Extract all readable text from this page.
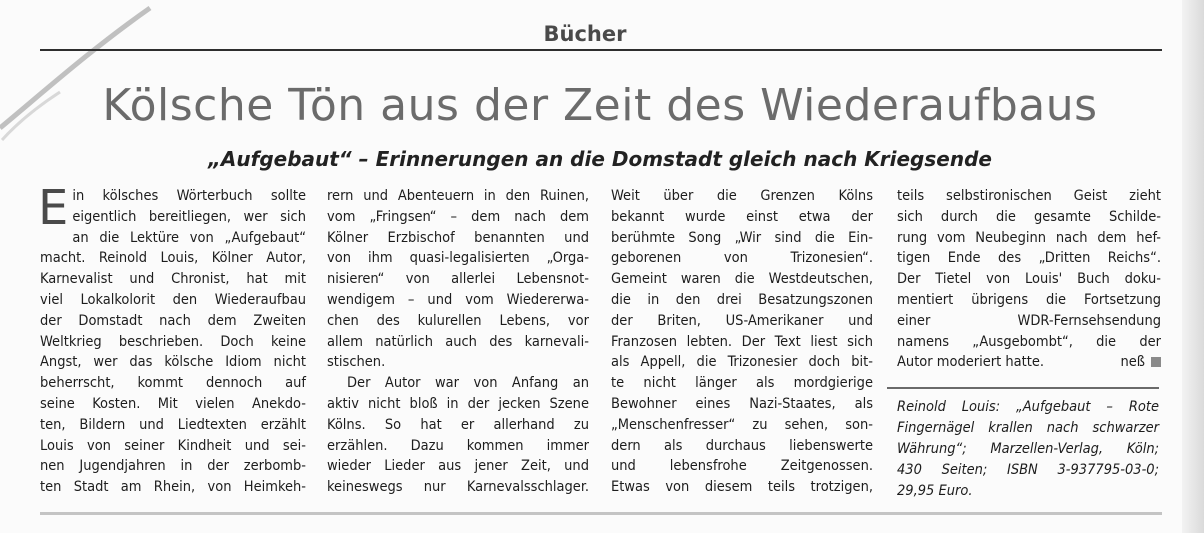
Bücher
Kölsche Tön aus der Zeit des Wiederaufbaus
„Aufgebaut“ – Erinnerungen an die Domstadt gleich nach Kriegsende
E in kölsches Wörterbuch sollte
eigentlich bereitliegen, wer sich
an die Lektüre von „Aufgebaut“
macht. Reinold Louis, Kölner Autor,
Karnevalist und Chronist, hat mit
viel Lokalkolorit den Wiederaufbau
der Domstadt nach dem Zweiten
Weltkrieg beschrieben. Doch keine
Angst, wer das kölsche Idiom nicht
beherrscht, kommt dennoch auf
seine Kosten. Mit vielen Anekdo-
ten, Bildern und Liedtexten erzählt
Louis von seiner Kindheit und sei-
nen Jugendjahren in der zerbomb-
ten Stadt am Rhein, von Heimkeh-
rern und Abenteuern in den Ruinen,
vom „Fringsen“ – dem nach dem
Kölner Erzbischof benannten und
von ihm quasi-legalisierten „Orga-
nisieren“ von allerlei Lebensnot-
wendigem – und vom Wiedererwa-
chen des kulurellen Lebens, vor
allem natürlich auch des karnevali-
stischen.
Der Autor war von Anfang an
aktiv nicht bloß in der jecken Szene
Kölns. So hat er allerhand zu
erzählen. Dazu kommen immer
wieder Lieder aus jener Zeit, und
keineswegs nur Karnevalsschlager.
Weit über die Grenzen Kölns
bekannt wurde einst etwa der
berühmte Song „Wir sind die Ein-
geborenen von Trizonesien“.
Gemeint waren die Westdeutschen,
die in den drei Besatzungszonen
der Briten, US-Amerikaner und
Franzosen lebten. Der Text liest sich
als Appell, die Trizonesier doch bit-
te nicht länger als mordgierige
Bewohner eines Nazi-Staates, als
„Menschenfresser“ zu sehen, son-
dern als durchaus liebenswerte
und lebensfrohe Zeitgenossen.
Etwas von diesem teils trotzigen,
teils selbstironischen Geist zieht
sich durch die gesamte Schilde-
rung vom Neubeginn nach dem hef-
tigen Ende des „Dritten Reichs“.
Der Tietel von Louis' Buch doku-
mentiert übrigens die Fortsetzung
einer WDR-Fernsehsendung
namens „Ausgebombt“, die der
Autor moderiert hatte.	neß
Reinold Louis: „Aufgebaut – Rote
Fingernägel krallen nach schwarzer
Währung“; Marzellen-Verlag, Köln;
430 Seiten; ISBN 3-937795-03-0;
29,95 Euro.
